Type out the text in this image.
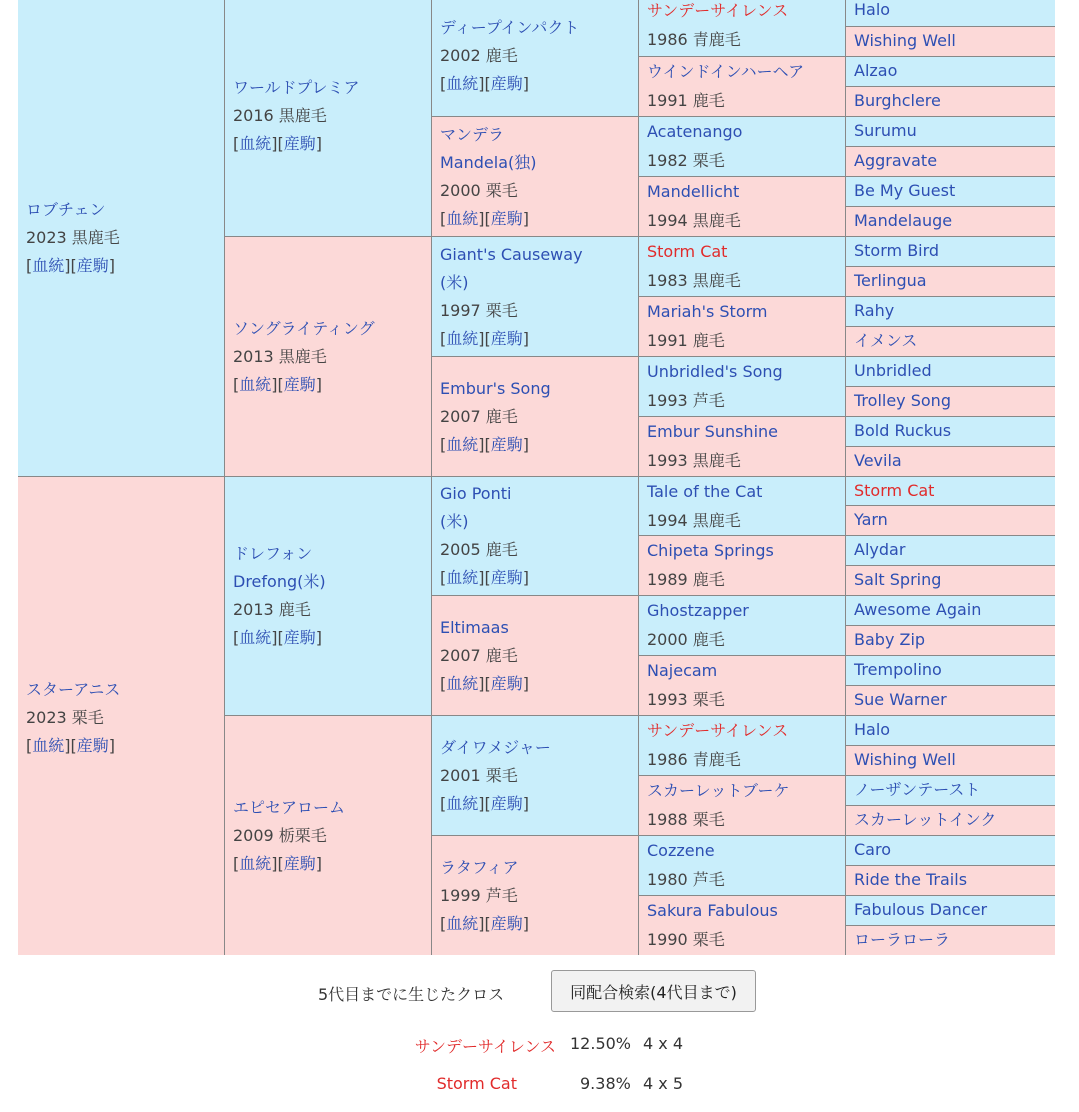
ロブチェン
2023 黒鹿毛
[血統][産駒]
スターアニス
2023 栗毛
[血統][産駒]
ワールドプレミア
2016 黒鹿毛
[血統][産駒]
ソングライティング
2013 黒鹿毛
[血統][産駒]
ドレフォン
Drefong(米)
2013 鹿毛
[血統][産駒]
エピセアローム
2009 栃栗毛
[血統][産駒]
ディープインパクト
2002 鹿毛
[血統][産駒]
マンデラ
Mandela(独)
2000 栗毛
[血統][産駒]
Giant's Causeway
(米)
1997 栗毛
[血統][産駒]
Embur's Song
2007 鹿毛
[血統][産駒]
Gio Ponti
(米)
2005 鹿毛
[血統][産駒]
Eltimaas
2007 鹿毛
[血統][産駒]
ダイワメジャー
2001 栗毛
[血統][産駒]
ラタフィア
1999 芦毛
[血統][産駒]
サンデーサイレンス
1986 青鹿毛
ウインドインハーヘア
1991 鹿毛
Acatenango
1982 栗毛
Mandellicht
1994 黒鹿毛
Storm Cat
1983 黒鹿毛
Mariah's Storm
1991 鹿毛
Unbridled's Song
1993 芦毛
Embur Sunshine
1993 黒鹿毛
Tale of the Cat
1994 黒鹿毛
Chipeta Springs
1989 鹿毛
Ghostzapper
2000 鹿毛
Najecam
1993 栗毛
サンデーサイレンス
1986 青鹿毛
スカーレットブーケ
1988 栗毛
Cozzene
1980 芦毛
Sakura Fabulous
1990 栗毛
Halo
Wishing Well
Alzao
Burghclere
Surumu
Aggravate
Be My Guest
Mandelauge
Storm Bird
Terlingua
Rahy
イメンス
Unbridled
Trolley Song
Bold Ruckus
Vevila
Storm Cat
Yarn
Alydar
Salt Spring
Awesome Again
Baby Zip
Trempolino
Sue Warner
Halo
Wishing Well
ノーザンテースト
スカーレットインク
Caro
Ride the Trails
Fabulous Dancer
ローラローラ
5代目までに生じたクロス	同配合検索(4代目まで)
サンデーサイレンス 12.50% 4 x 4
Storm Cat	9.38% 4 x 5
